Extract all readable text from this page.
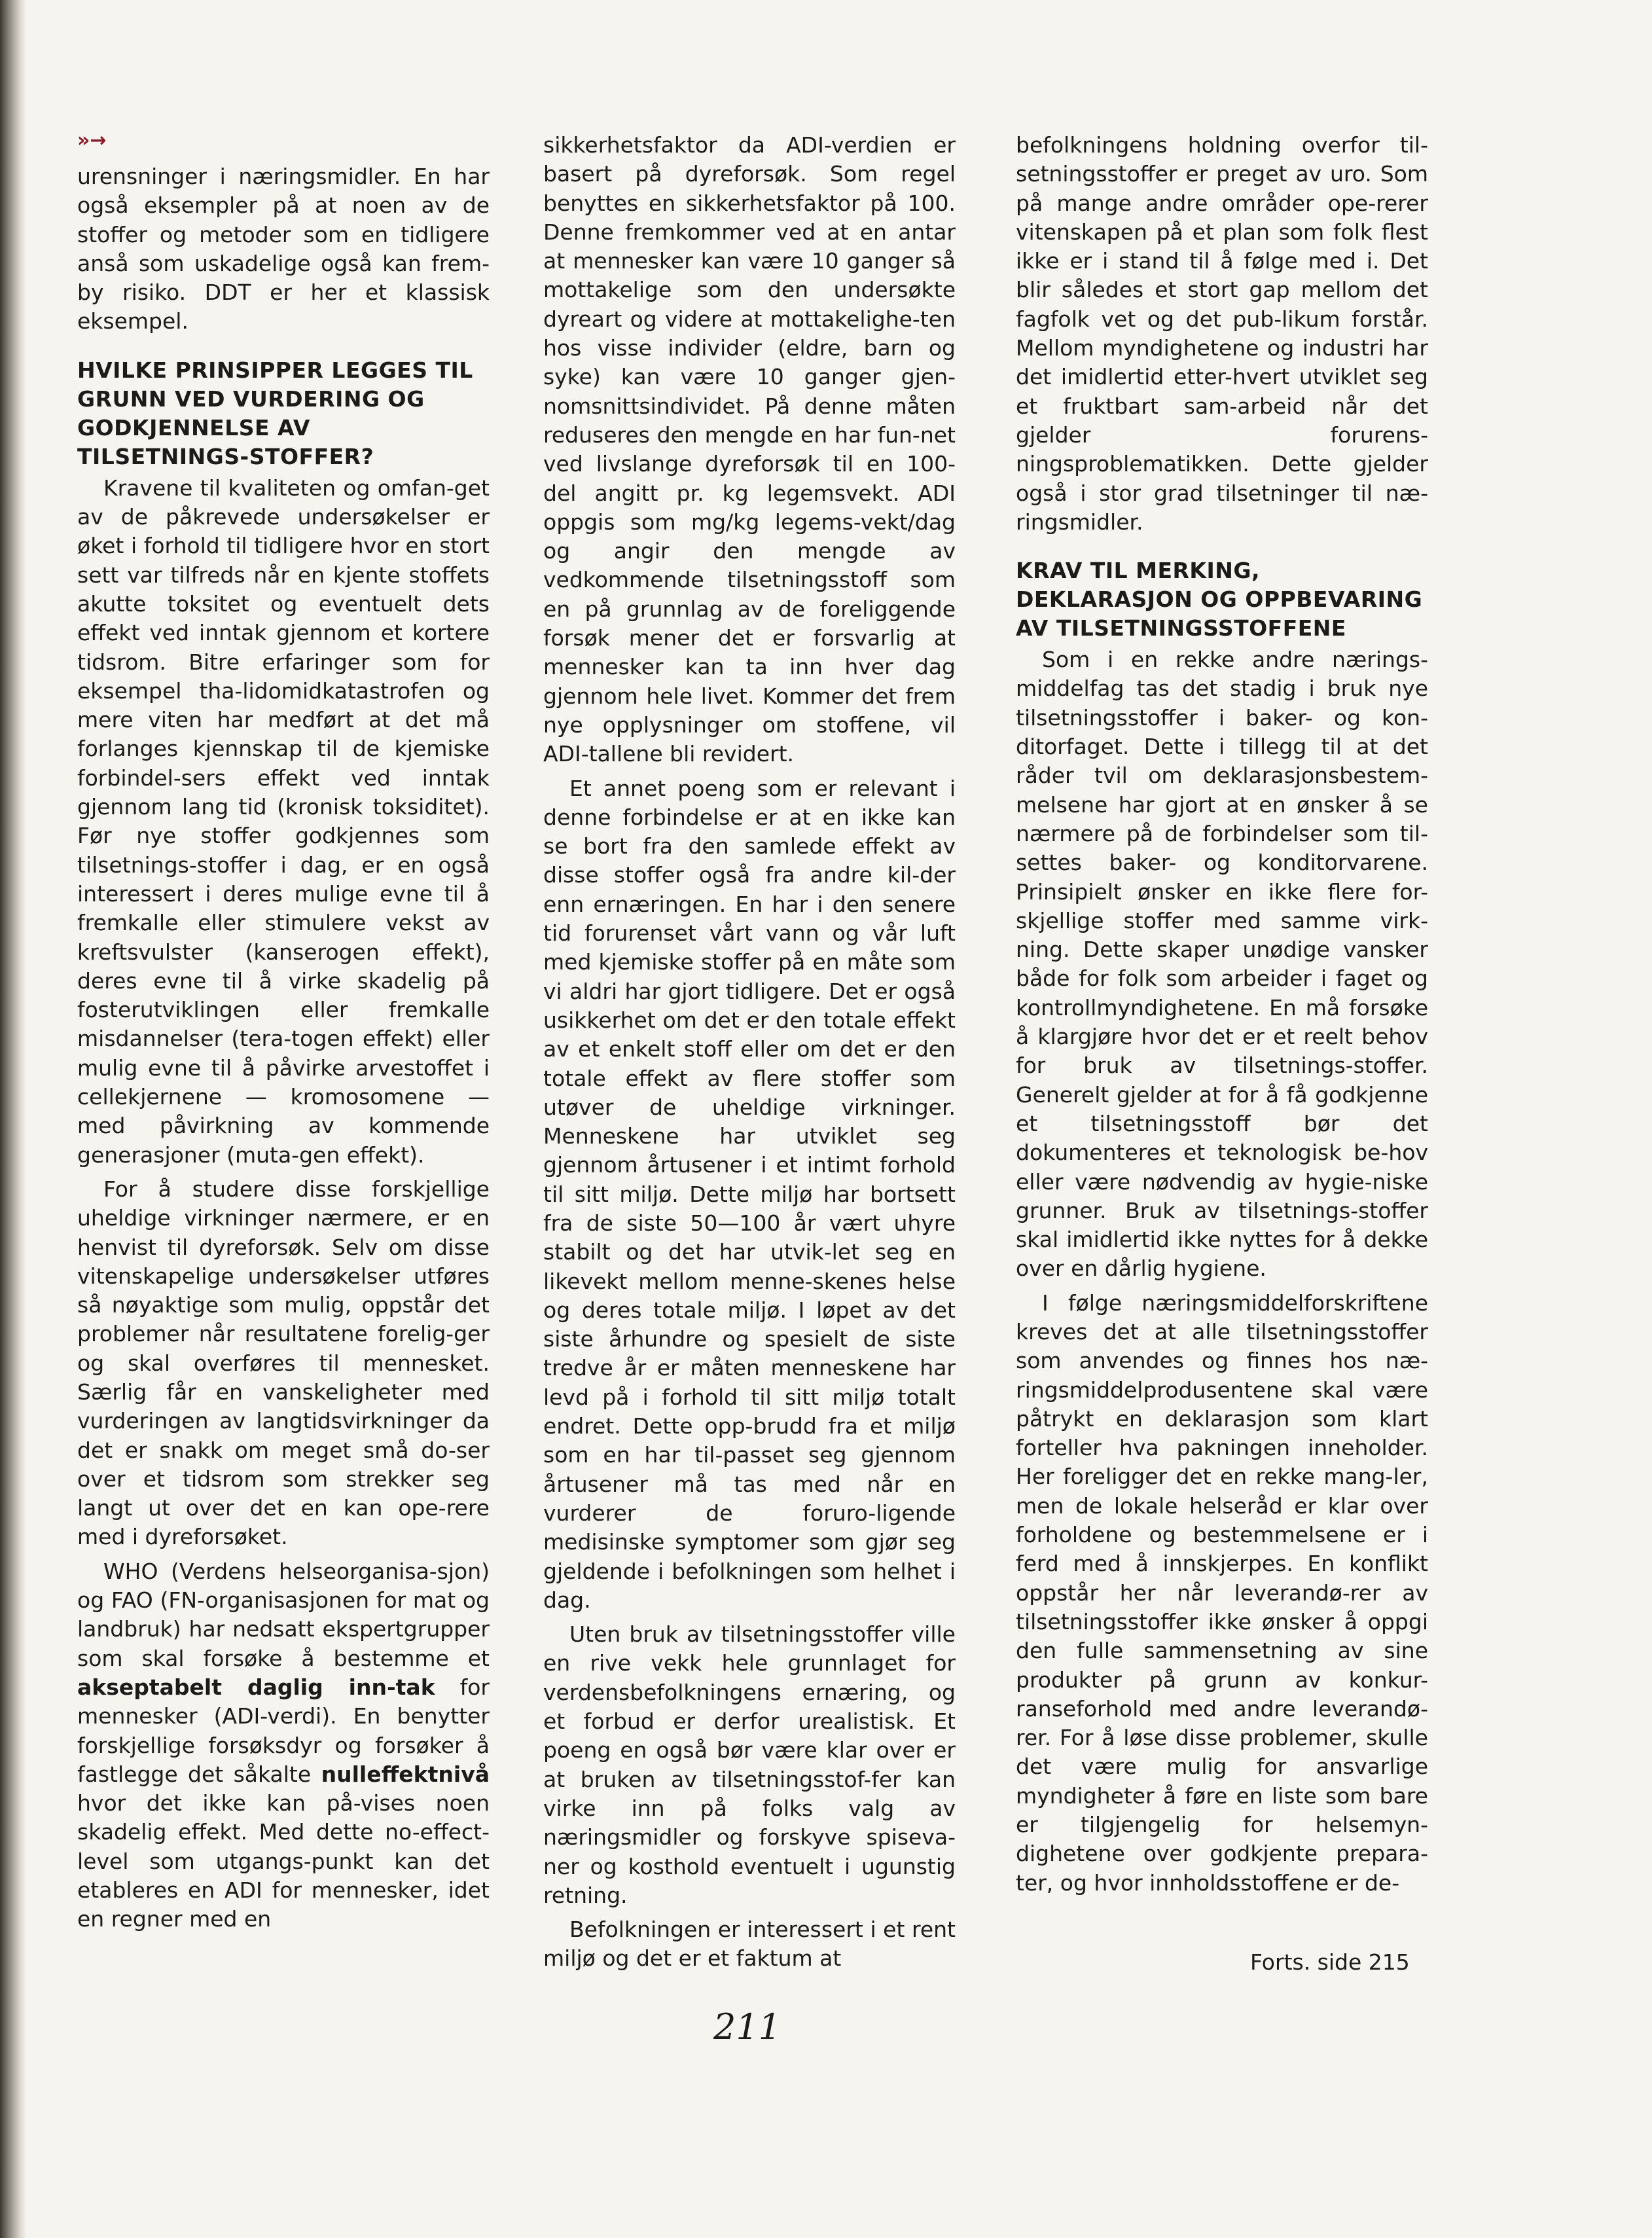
»→

urensninger i næringsmidler. En har også eksempler på at noen av de stoffer og metoder som en tidligere anså som uskadelige også kan frem-by risiko. DDT er her et klassisk eksempel.

HVILKE PRINSIPPER LEGGES TIL GRUNN VED VURDERING OG GODKJENNELSE AV TILSETNINGS-STOFFER?

Kravene til kvaliteten og omfan-get av de påkrevede undersøkelser er øket i forhold til tidligere hvor en stort sett var tilfreds når en kjente stoffets akutte toksitet og eventuelt dets effekt ved inntak gjennom et kortere tidsrom. Bitre erfaringer som for eksempel tha-lidomidkatastrofen og mere viten har medført at det må forlanges kjennskap til de kjemiske forbindel-sers effekt ved inntak gjennom lang tid (kronisk toksiditet). Før nye stoffer godkjennes som tilsetnings-stoffer i dag, er en også interessert i deres mulige evne til å fremkalle eller stimulere vekst av kreftsvulster (kanserogen effekt), deres evne til å virke skadelig på fosterutviklingen eller fremkalle misdannelser (tera-togen effekt) eller mulig evne til å påvirke arvestoffet i cellekjernene — kromosomene — med påvirkning av kommende generasjoner (muta-gen effekt).

For å studere disse forskjellige uheldige virkninger nærmere, er en henvist til dyreforsøk. Selv om disse vitenskapelige undersøkelser utføres så nøyaktige som mulig, oppstår det problemer når resultatene forelig-ger og skal overføres til mennesket. Særlig får en vanskeligheter med vurderingen av langtidsvirkninger da det er snakk om meget små do-ser over et tidsrom som strekker seg langt ut over det en kan ope-rere med i dyreforsøket.

WHO (Verdens helseorganisa-sjon) og FAO (FN-organisasjonen for mat og landbruk) har nedsatt ekspertgrupper som skal forsøke å bestemme et akseptabelt daglig inn-tak for mennesker (ADI-verdi). En benytter forskjellige forsøksdyr og forsøker å fastlegge det såkalte nulleffektnivå hvor det ikke kan på-vises noen skadelig effekt. Med dette no-effect-level som utgangs-punkt kan det etableres en ADI for mennesker, idet en regner med en

sikkerhetsfaktor da ADI-verdien er basert på dyreforsøk. Som regel benyttes en sikkerhetsfaktor på 100. Denne fremkommer ved at en antar at mennesker kan være 10 ganger så mottakelige som den undersøkte dyreart og videre at mottakelighe-ten hos visse individer (eldre, barn og syke) kan være 10 ganger gjen-nomsnittsindividet. På denne måten reduseres den mengde en har fun-net ved livslange dyreforsøk til en 100-del angitt pr. kg legemsvekt. ADI oppgis som mg/kg legems-vekt/dag og angir den mengde av vedkommende tilsetningsstoff som en på grunnlag av de foreliggende forsøk mener det er forsvarlig at mennesker kan ta inn hver dag gjennom hele livet. Kommer det frem nye opplysninger om stoffene, vil ADI-tallene bli revidert.

Et annet poeng som er relevant i denne forbindelse er at en ikke kan se bort fra den samlede effekt av disse stoffer også fra andre kil-der enn ernæringen. En har i den senere tid forurenset vårt vann og vår luft med kjemiske stoffer på en måte som vi aldri har gjort tidligere. Det er også usikkerhet om det er den totale effekt av et enkelt stoff eller om det er den totale effekt av flere stoffer som utøver de uheldige virkninger. Menneskene har utviklet seg gjennom årtusener i et intimt forhold til sitt miljø. Dette miljø har bortsett fra de siste 50—100 år vært uhyre stabilt og det har utvik-let seg en likevekt mellom menne-skenes helse og deres totale miljø. I løpet av det siste århundre og spesielt de siste tredve år er måten menneskene har levd på i forhold til sitt miljø totalt endret. Dette opp-brudd fra et miljø som en har til-passet seg gjennom årtusener må tas med når en vurderer de foruro-ligende medisinske symptomer som gjør seg gjeldende i befolkningen som helhet i dag.

Uten bruk av tilsetningsstoffer ville en rive vekk hele grunnlaget for verdensbefolkningens ernæring, og et forbud er derfor urealistisk. Et poeng en også bør være klar over er at bruken av tilsetningsstof-fer kan virke inn på folks valg av næringsmidler og forskyve spiseva-ner og kosthold eventuelt i ugunstig retning.

Befolkningen er interessert i et rent miljø og det er et faktum at

befolkningens holdning overfor til-setningsstoffer er preget av uro. Som på mange andre områder ope-rerer vitenskapen på et plan som folk flest ikke er i stand til å følge med i. Det blir således et stort gap mellom det fagfolk vet og det pub-likum forstår. Mellom myndighetene og industri har det imidlertid etter-hvert utviklet seg et fruktbart sam-arbeid når det gjelder forurens-ningsproblematikken. Dette gjelder også i stor grad tilsetninger til næ-ringsmidler.

KRAV TIL MERKING, DEKLARASJON OG OPPBEVARING AV TILSETNINGSSTOFFENE

Som i en rekke andre nærings-middelfag tas det stadig i bruk nye tilsetningsstoffer i baker- og kon-ditorfaget. Dette i tillegg til at det råder tvil om deklarasjonsbestem-melsene har gjort at en ønsker å se nærmere på de forbindelser som til-settes baker- og konditorvarene. Prinsipielt ønsker en ikke flere for-skjellige stoffer med samme virk-ning. Dette skaper unødige vansker både for folk som arbeider i faget og kontrollmyndighetene. En må forsøke å klargjøre hvor det er et reelt behov for bruk av tilsetnings-stoffer. Generelt gjelder at for å få godkjenne et tilsetningsstoff bør det dokumenteres et teknologisk be-hov eller være nødvendig av hygie-niske grunner. Bruk av tilsetnings-stoffer skal imidlertid ikke nyttes for å dekke over en dårlig hygiene.

I følge næringsmiddelforskriftene kreves det at alle tilsetningsstoffer som anvendes og finnes hos næ-ringsmiddelprodusentene skal være påtrykt en deklarasjon som klart forteller hva pakningen inneholder. Her foreligger det en rekke mang-ler, men de lokale helseråd er klar over forholdene og bestemmelsene er i ferd med å innskjerpes. En konflikt oppstår her når leverandø-rer av tilsetningsstoffer ikke ønsker å oppgi den fulle sammensetning av sine produkter på grunn av konkur-ranseforhold med andre leverandø-rer. For å løse disse problemer, skulle det være mulig for ansvarlige myndigheter å føre en liste som bare er tilgjengelig for helsemyn-dighetene over godkjente prepara-ter, og hvor innholdsstoffene er de-

Forts. side 215
211
